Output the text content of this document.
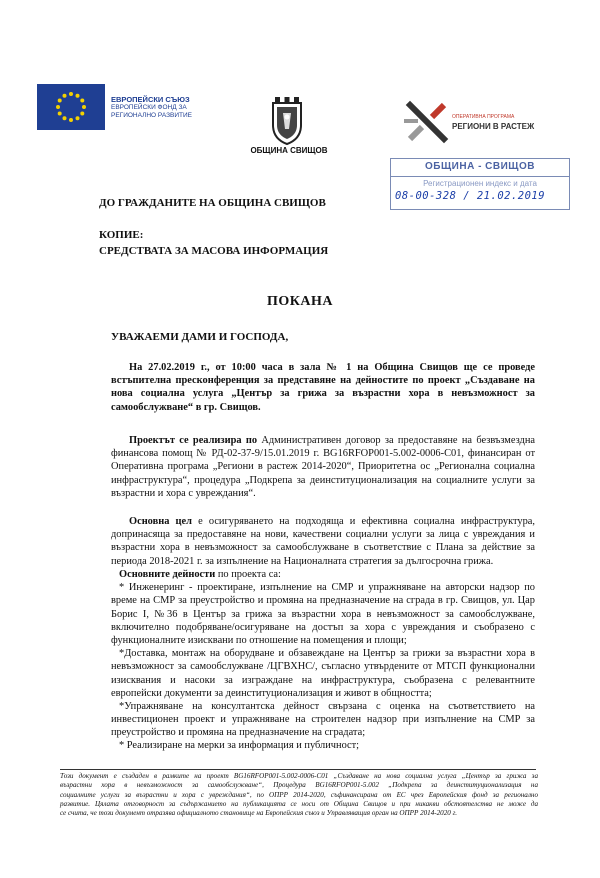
ЕВРОПЕЙСКИ СЪЮЗ
ЕВРОПЕЙСКИ ФОНД ЗА
РЕГИОНАЛНО РАЗВИТИЕ
ОБЩИНА СВИЩОВ
ОПЕРАТИВНА ПРОГРАМА
РЕГИОНИ В РАСТЕЖ
ОБЩИНА - СВИЩОВ
Регистрационен индекс и дата
08-00-328 / 21.02.2019
ДО ГРАЖДАНИТЕ НА ОБЩИНА СВИЩОВ
КОПИЕ:
СРЕДСТВАТА ЗА МАСОВА ИНФОРМАЦИЯ
ПОКАНА
УВАЖАЕМИ ДАМИ И ГОСПОДА,
На 27.02.2019 г., от 10:00 часа в зала № 1 на Община Свищов ще се проведе
встъпителна пресконференция за представяне на дейностите по проект „Създаване на
нова социална услуга „Център за грижа за възрастни хора в невъзможност за
самообслужване“ в гр. Свищов.
Проектът се реализира по Административен договор за предоставяне на безвъзмездна
финансова помощ № РД-02-37-9/15.01.2019 г. BG16RFOP001-5.002-0006-С01, финансиран от
Оперативна програма „Региони в растеж 2014-2020“, Приоритетна ос „Регионална социална
инфраструктура“, процедура „Подкрепа за деинституционализация на социалните услуги за
възрастни и хора с увреждания“.
Основна цел е осигуряването на подходяща и ефективна социална инфраструктура,
допринасяща за предоставяне на нови, качествени социални услуги за лица с увреждания и
възрастни хора в невъзможност за самообслужване в съответствие с Плана за действие за
периода 2018-2021 г. за изпълнение на Националната стратегия за дългосрочна грижа.
Основните дейности по проекта са:
* Инженеринг - проектиране, изпълнение на СМР и упражняване на авторски надзор по
време на СМР за преустройство и промяна на предназначение на сграда в гр. Свищов, ул. Цар
Борис I, №36 в Център за грижа за възрастни хора в невъзможност за самообслужване,
включително подобряване/осигуряване на достъп за хора с увреждания и съобразено с
функционалните изисквани по отношение на помещения и площи;
*Доставка, монтаж на оборудване и обзавеждане на Център за грижи за възрастни хора в
невъзможност за самообслужване /ЦГВХНС/, съгласно утвърдените от МТСП функционални
изисквания и насоки за изграждане на инфраструктура, съобразена с релевантните
европейски документи за деинституционализация и живот в общността;
*Упражняване на консултантска дейност свързана с оценка на съответствието на
инвестиционен проект и упражняване на строителен надзор при изпълнение на СМР за
преустройство и промяна на предназначение на сградата;
* Реализиране на мерки за информация и публичност;
Този документ е създаден в рамките на проект BG16RFOP001-5.002-0006-С01 „Създаване на нова социална услуга „Център за грижа за
възрастни хора в невъзможност за самообслужване“, Процедура BG16RFOP001-5.002 „Подкрепа за деинституционализация на
социалните услуги за възрастни и хора с увреждания“, по ОПРР 2014-2020, съфинансирана от ЕС чрез Европейския фонд за регионално
развитие. Цялата отговорност за съдържанието на публикацията се носи от Община Свищов и при никакви обстоятелства не може да
се счита, че този документ отразява официалното становище на Европейския съюз и Управляващия орган на ОПРР 2014-2020 г.
